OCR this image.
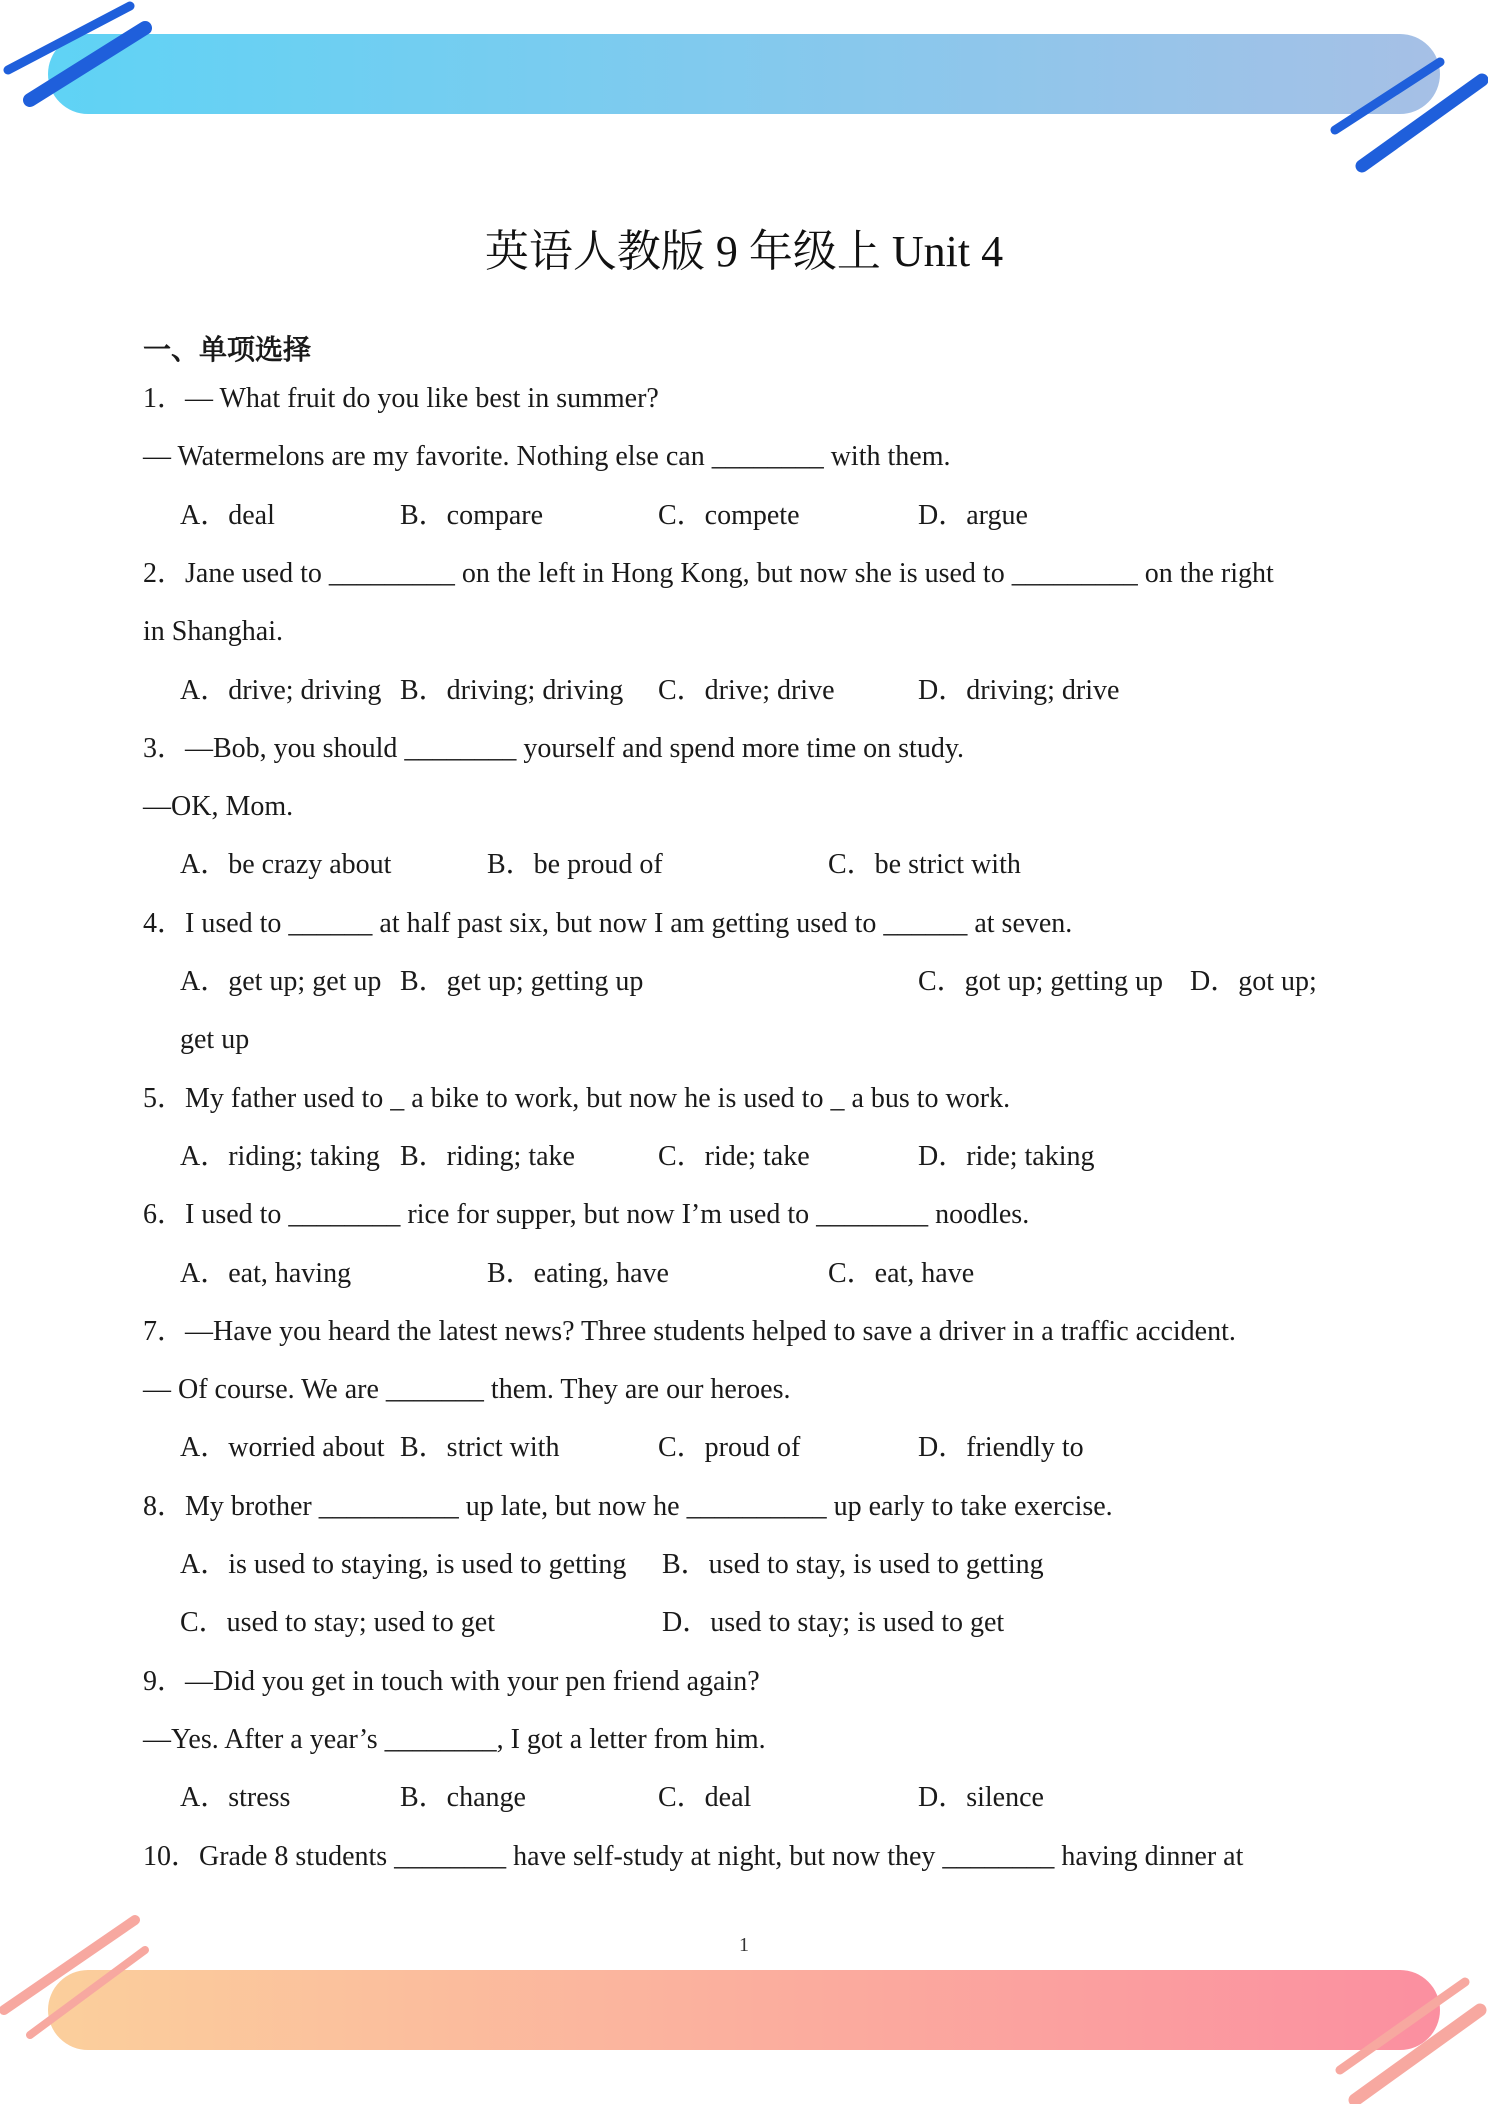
英语人教版 9 年级上 Unit 4
一、单项选择
1．— What fruit do you like best in summer?
— Watermelons are my favorite. Nothing else can ________ with them.
A．deal	B．compare	C．compete	D．argue
2．Jane used to _________ on the left in Hong Kong, but now she is used to _________ on the right
in Shanghai.
A．drive; driving B．driving; driving C．drive; drive	D．driving; drive
3．—Bob, you should ________ yourself and spend more time on study.
—OK, Mom.
A．be crazy about	B．be proud of	C．be strict with
4．I used to ______ at half past six, but now I am getting used to ______ at seven.
A．get up; get up B．get up; getting up	C．got up; getting up D．got up;
get up
5．My father used to _ a bike to work, but now he is used to _ a bus to work.
A．riding; taking B．riding; take	C．ride; take	D．ride; taking
6．I used to ________ rice for supper, but now I’m used to ________ noodles.
A．eat, having	B．eating, have	C．eat, have
7．—Have you heard the latest news? Three students helped to save a driver in a traffic accident.
— Of course. We are _______ them. They are our heroes.
A．worried about B．strict with	C．proud of	D．friendly to
8．My brother __________ up late, but now he __________ up early to take exercise.
A．is used to staying, is used to getting B．used to stay, is used to getting
C．used to stay; used to get	D．used to stay; is used to get
9．—Did you get in touch with your pen friend again?
—Yes. After a year’s ________, I got a letter from him.
A．stress	B．change	C．deal	D．silence
10．Grade 8 students ________ have self-study at night, but now they ________ having dinner at
1
